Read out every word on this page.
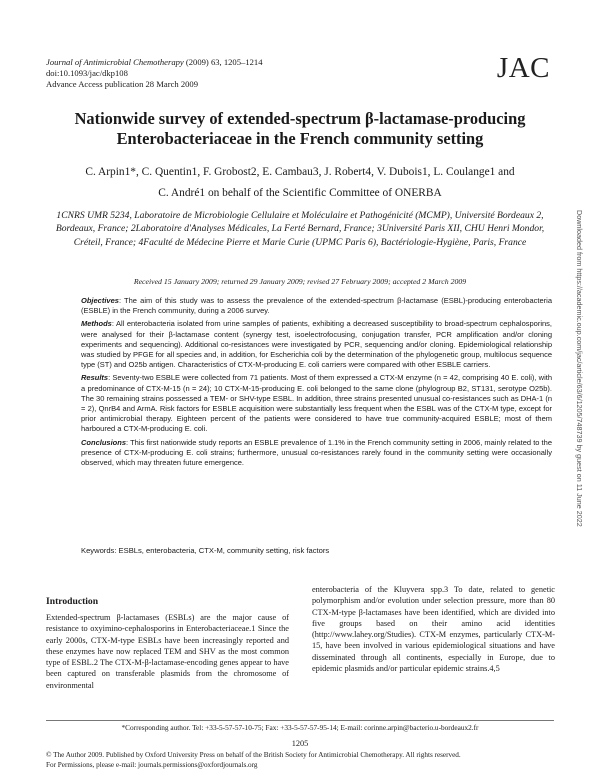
Journal of Antimicrobial Chemotherapy (2009) 63, 1205–1214
doi:10.1093/jac/dkp108
Advance Access publication 28 March 2009	JAC
Nationwide survey of extended-spectrum β-lactamase-producing Enterobacteriaceae in the French community setting
C. Arpin1*, C. Quentin1, F. Grobost2, E. Cambau3, J. Robert4, V. Dubois1, L. Coulange1 and
C. André1 on behalf of the Scientific Committee of ONERBA
1CNRS UMR 5234, Laboratoire de Microbiologie Cellulaire et Moléculaire et Pathogénicité (MCMP), Université Bordeaux 2, Bordeaux, France; 2Laboratoire d'Analyses Médicales, La Ferté Bernard, France; 3Université Paris XII, CHU Henri Mondor, Créteil, France; 4Faculté de Médecine Pierre et Marie Curie (UPMC Paris 6), Bactériologie-Hygiène, Paris, France
Received 15 January 2009; returned 29 January 2009; revised 27 February 2009; accepted 2 March 2009

Objectives: The aim of this study was to assess the prevalence of the extended-spectrum β-lactamase (ESBL)-producing enterobacteria (ESBLE) in the French community, during a 2006 survey.

Methods: All enterobacteria isolated from urine samples of patients, exhibiting a decreased susceptibility to broad-spectrum cephalosporins, were analysed for their β-lactamase content (synergy test, isoelectrofocusing, conjugation transfer, PCR amplification and/or cloning experiments and sequencing). Additional co-resistances were investigated by PCR, sequencing and/or cloning. Epidemiological relationship was studied by PFGE for all species and, in addition, for Escherichia coli by the determination of the phylogenetic group, multilocus sequence type (ST) and O25b antigen. Characteristics of CTX-M-producing E. coli carriers were compared with other ESBLE carriers.

Results: Seventy-two ESBLE were collected from 71 patients. Most of them expressed a CTX-M enzyme (n = 42, comprising 40 E. coli), with a predominance of CTX-M-15 (n = 24); 10 CTX-M-15-producing E. coli belonged to the same clone (phylogroup B2, ST131, serotype O25b). The 30 remaining strains possessed a TEM- or SHV-type ESBL. In addition, three strains presented unusual co-resistances such as DHA-1 (n = 2), QnrB4 and ArmA. Risk factors for ESBLE acquisition were substantially less frequent when the ESBL was of the CTX-M type, except for prior antimicrobial therapy. Eighteen percent of the patients were considered to have true community-acquired ESBLE; most of them harboured a CTX-M-producing E. coli.

Conclusions: This first nationwide study reports an ESBLE prevalence of 1.1% in the French community setting in 2006, mainly related to the presence of CTX-M-producing E. coli strains; furthermore, unusual co-resistances rarely found in the community setting were occasionally observed, which may threaten future emergence.

Keywords: ESBLs, enterobacteria, CTX-M, community setting, risk factors
Introduction
Extended-spectrum β-lactamases (ESBLs) are the major cause of resistance to oxyimino-cephalosporins in Enterobacteriaceae.1 Since the early 2000s, CTX-M-type ESBLs have been increasingly reported and these enzymes have now replaced TEM and SHV as the most common type of ESBL.2 The CTX-M-β-lactamase-encoding genes appear to have been captured on transferable plasmids from the chromosome of environmental
enterobacteria of the Kluyvera spp.3 To date, related to genetic polymorphism and/or evolution under selection pressure, more than 80 CTX-M-type β-lactamases have been identified, which are divided into five groups based on their amino acid identities (http://www.lahey.org/Studies). CTX-M enzymes, particularly CTX-M-15, have been involved in various epidemiological situations and have disseminated through all continents, especially in Europe, due to epidemic plasmids and/or particular epidemic strains.4,5
*Corresponding author. Tel: +33-5-57-57-10-75; Fax: +33-5-57-57-95-14; E-mail: corinne.arpin@bacterio.u-bordeaux2.fr
1205
© The Author 2009. Published by Oxford University Press on behalf of the British Society for Antimicrobial Chemotherapy. All rights reserved.
For Permissions, please e-mail: journals.permissions@oxfordjournals.org
Downloaded from https://academic.oup.com/jac/article/63/6/1205/748739 by guest on 11 June 2022
